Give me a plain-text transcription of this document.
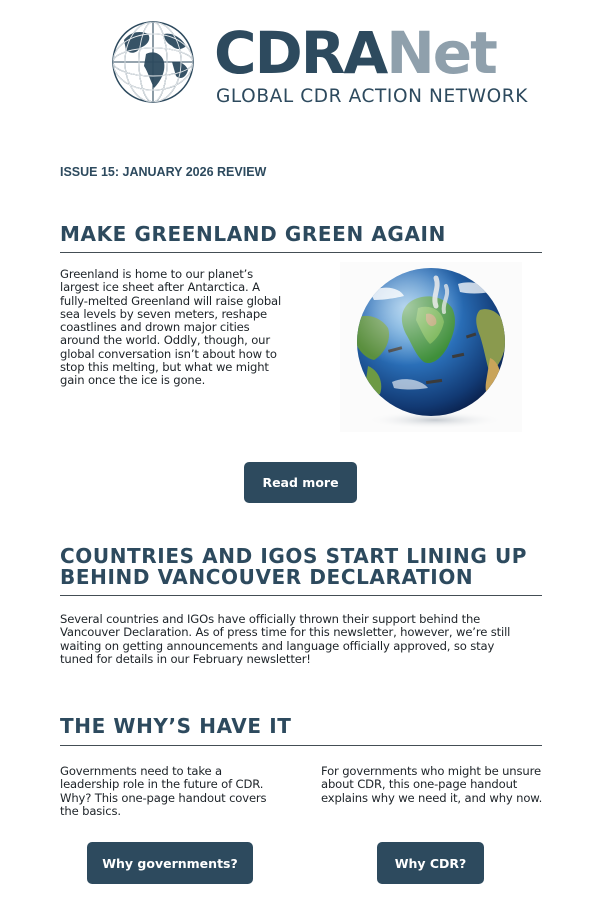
CDRANet
GLOBAL CDR ACTION NETWORK
ISSUE 15: JANUARY 2026 REVIEW
MAKE GREENLAND GREEN AGAIN
Greenland is home to our planet’s largest ice sheet after Antarctica. A fully-melted Greenland will raise global sea levels by seven meters, reshape coastlines and drown major cities around the world. Oddly, though, our global conversation isn’t about how to stop this melting, but what we might gain once the ice is gone.
Read more
COUNTRIES AND IGOS START LINING UP BEHIND VANCOUVER DECLARATION
Several countries and IGOs have officially thrown their support behind the Vancouver Declaration. As of press time for this newsletter, however, we’re still waiting on getting announcements and language officially approved, so stay tuned for details in our February newsletter!
THE WHY’S HAVE IT
Governments need to take a leadership role in the future of CDR. Why? This one-page handout covers the basics.
For governments who might be unsure about CDR, this one-page handout explains why we need it, and why now.
Why governments?	Why CDR?
